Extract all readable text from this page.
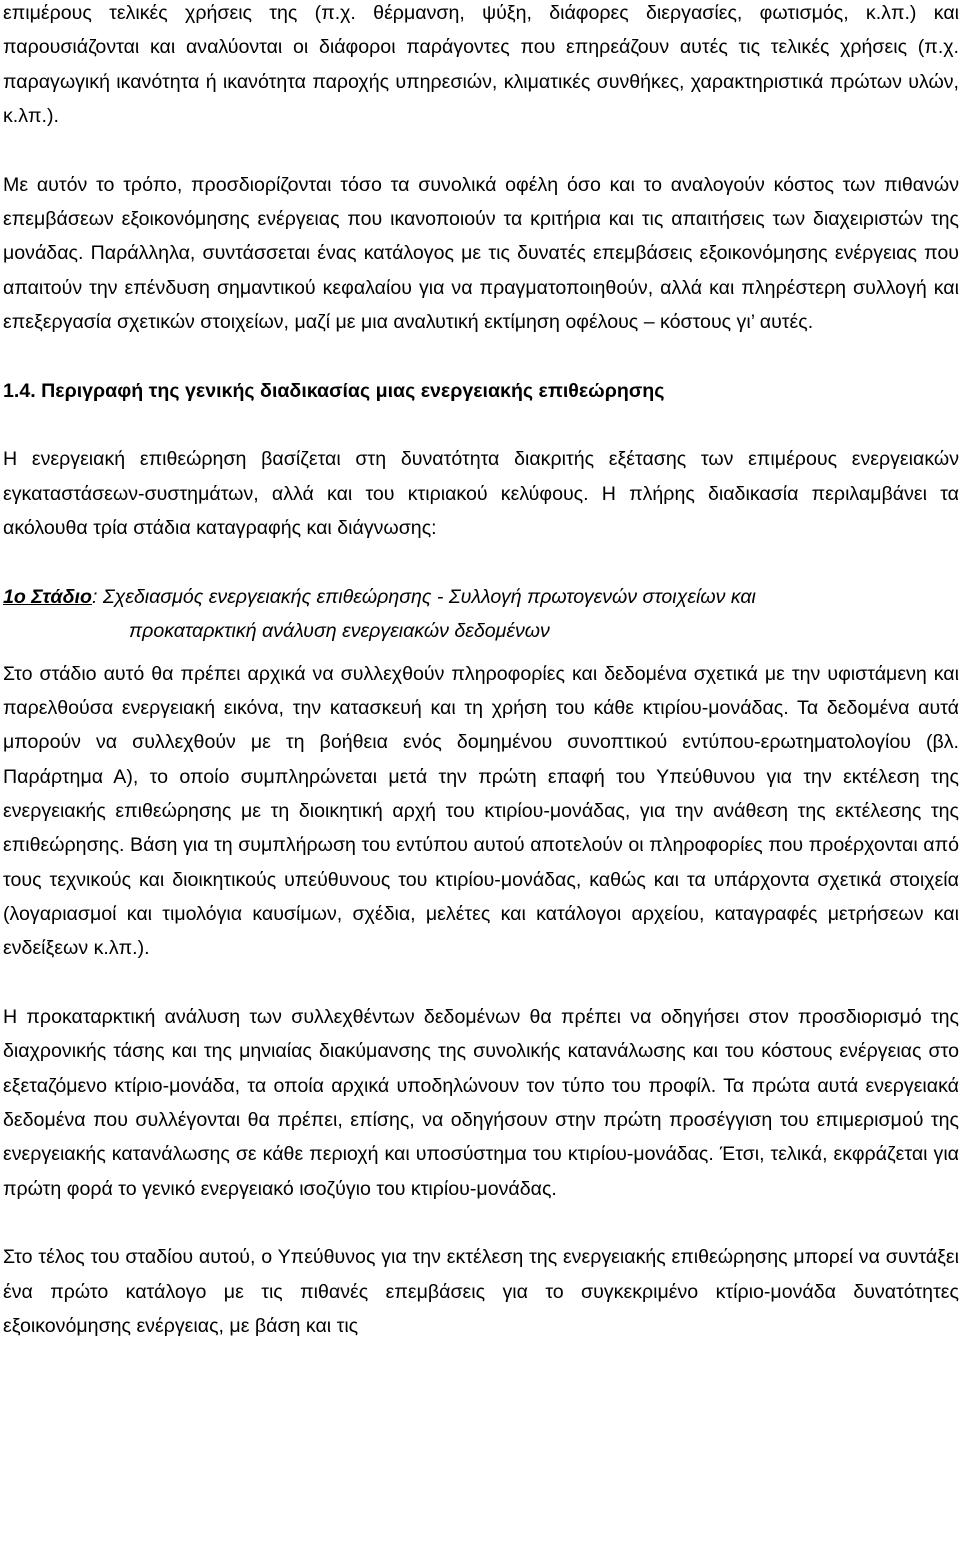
επιμέρους τελικές χρήσεις της (π.χ. θέρμανση, ψύξη, διάφορες διεργασίες, φωτισμός, κ.λπ.) και παρουσιάζονται και αναλύονται οι διάφοροι παράγοντες που επηρεάζουν αυτές τις τελικές χρήσεις (π.χ. παραγωγική ικανότητα ή ικανότητα παροχής υπηρεσιών, κλιματικές συνθήκες, χαρακτηριστικά πρώτων υλών, κ.λπ.).

Με αυτόν το τρόπο, προσδιορίζονται τόσο τα συνολικά οφέλη όσο και το αναλογούν κόστος των πιθανών επεμβάσεων εξοικονόμησης ενέργειας που ικανοποιούν τα κριτήρια και τις απαιτήσεις των διαχειριστών της μονάδας. Παράλληλα, συντάσσεται ένας κατάλογος με τις δυνατές επεμβάσεις εξοικονόμησης ενέργειας που απαιτούν την επένδυση σημαντικού κεφαλαίου για να πραγματοποιηθούν, αλλά και πληρέστερη συλλογή και επεξεργασία σχετικών στοιχείων, μαζί με μια αναλυτική εκτίμηση οφέλους – κόστους γι’ αυτές.

1.4. Περιγραφή της γενικής διαδικασίας μιας ενεργειακής επιθεώρησης

Η ενεργειακή επιθεώρηση βασίζεται στη δυνατότητα διακριτής εξέτασης των επιμέρους ενεργειακών εγκαταστάσεων-συστημάτων, αλλά και του κτιριακού κελύφους. Η πλήρης διαδικασία περιλαμβάνει τα ακόλουθα τρία στάδια καταγραφής και διάγνωσης:

1ο Στάδιο: Σχεδιασμός ενεργειακής επιθεώρησης - Συλλογή πρωτογενών στοιχείων και

προκαταρκτική ανάλυση ενεργειακών δεδομένων

Στο στάδιο αυτό θα πρέπει αρχικά να συλλεχθούν πληροφορίες και δεδομένα σχετικά με την υφιστάμενη και παρελθούσα ενεργειακή εικόνα, την κατασκευή και τη χρήση του κάθε κτιρίου-μονάδας. Τα δεδομένα αυτά μπορούν να συλλεχθούν με τη βοήθεια ενός δομημένου συνοπτικού εντύπου-ερωτηματολογίου (βλ. Παράρτημα Α), το οποίο συμπληρώνεται μετά την πρώτη επαφή του Υπεύθυνου για την εκτέλεση της ενεργειακής επιθεώρησης με τη διοικητική αρχή του κτιρίου-μονάδας, για την ανάθεση της εκτέλεσης της επιθεώρησης. Βάση για τη συμπλήρωση του εντύπου αυτού αποτελούν οι πληροφορίες που προέρχονται από τους τεχνικούς και διοικητικούς υπεύθυνους του κτιρίου-μονάδας, καθώς και τα υπάρχοντα σχετικά στοιχεία (λογαριασμοί και τιμολόγια καυσίμων, σχέδια, μελέτες και κατάλογοι αρχείου, καταγραφές μετρήσεων και ενδείξεων κ.λπ.).

Η προκαταρκτική ανάλυση των συλλεχθέντων δεδομένων θα πρέπει να οδηγήσει στον προσδιορισμό της διαχρονικής τάσης και της μηνιαίας διακύμανσης της συνολικής κατανάλωσης και του κόστους ενέργειας στο εξεταζόμενο κτίριο-μονάδα, τα οποία αρχικά υποδηλώνουν τον τύπο του προφίλ. Τα πρώτα αυτά ενεργειακά δεδομένα που συλλέγονται θα πρέπει, επίσης, να οδηγήσουν στην πρώτη προσέγγιση του επιμερισμού της ενεργειακής κατανάλωσης σε κάθε περιοχή και υποσύστημα του κτιρίου-μονάδας. Έτσι, τελικά, εκφράζεται για πρώτη φορά το γενικό ενεργειακό ισοζύγιο του κτιρίου-μονάδας.

Στο τέλος του σταδίου αυτού, ο Υπεύθυνος για την εκτέλεση της ενεργειακής επιθεώρησης μπορεί να συντάξει ένα πρώτο κατάλογο με τις πιθανές επεμβάσεις για το συγκεκριμένο κτίριο-μονάδα δυνατότητες εξοικονόμησης ενέργειας, με βάση και τις
